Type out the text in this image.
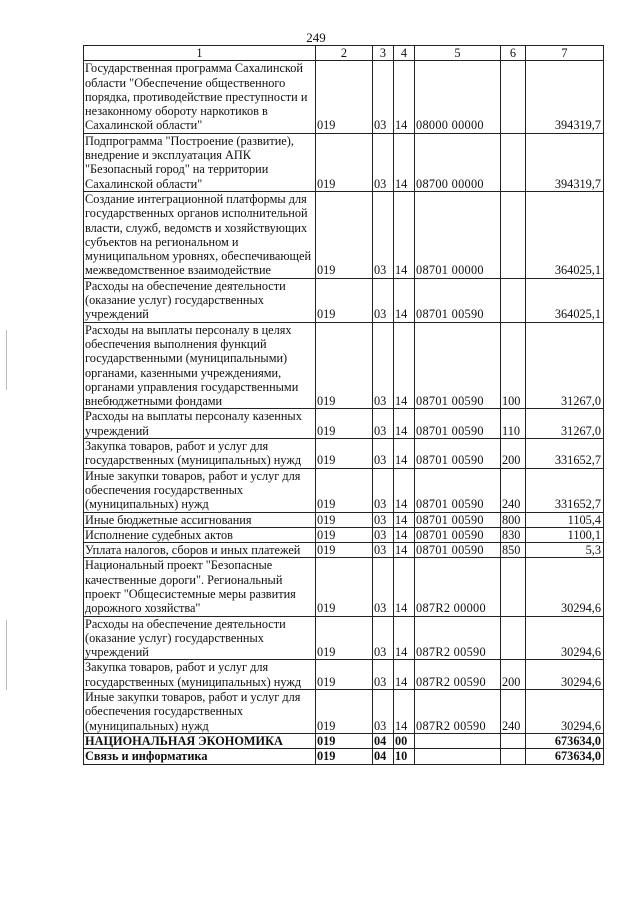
249
1	2	3	4	5	6	7
Государственная программа Сахалинской области "Обеспечение общественного порядка, противодействие преступности и незаконному обороту наркотиков в Сахалинской области"	019	03	14	08000 00000		394319,7
Подпрограмма "Построение (развитие), внедрение и эксплуатация АПК "Безопасный город" на территории Сахалинской области"	019	03	14	08700 00000		394319,7
Создание интеграционной платформы для государственных органов исполнительной власти, служб, ведомств и хозяйствующих субъектов на региональном и муниципальном уровнях, обеспечивающей межведомственное взаимодействие	019	03	14	08701 00000		364025,1
Расходы на обеспечение деятельности (оказание услуг) государственных учреждений	019	03	14	08701 00590		364025,1
Расходы на выплаты персоналу в целях обеспечения выполнения функций государственными (муниципальными) органами, казенными учреждениями, органами управления государственными внебюджетными фондами	019	03	14	08701 00590	100	31267,0
Расходы на выплаты персоналу казенных учреждений	019	03	14	08701 00590	110	31267,0
Закупка товаров, работ и услуг для государственных (муниципальных) нужд	019	03	14	08701 00590	200	331652,7
Иные закупки товаров, работ и услуг для обеспечения государственных (муниципальных) нужд	019	03	14	08701 00590	240	331652,7
Иные бюджетные ассигнования	019	03	14	08701 00590	800	1105,4
Исполнение судебных актов	019	03	14	08701 00590	830	1100,1
Уплата налогов, сборов и иных платежей	019	03	14	08701 00590	850	5,3
Национальный проект "Безопасные качественные дороги". Региональный проект "Общесистемные меры развития дорожного хозяйства"	019	03	14	087R2 00000		30294,6
Расходы на обеспечение деятельности (оказание услуг) государственных учреждений	019	03	14	087R2 00590		30294,6
Закупка товаров, работ и услуг для государственных (муниципальных) нужд	019	03	14	087R2 00590	200	30294,6
Иные закупки товаров, работ и услуг для обеспечения государственных (муниципальных) нужд	019	03	14	087R2 00590	240	30294,6
НАЦИОНАЛЬНАЯ ЭКОНОМИКА	019	04	00			673634,0
Связь и информатика	019	04	10			673634,0
